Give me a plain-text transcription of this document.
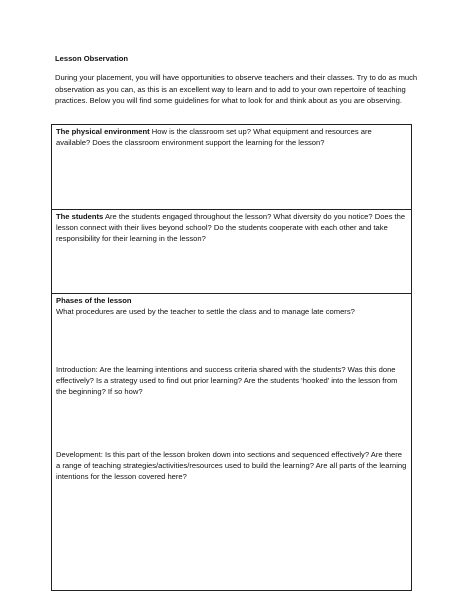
Lesson Observation

During your placement, you will have opportunities to observe teachers and their classes. Try to do as much observation as you can, as this is an excellent way to learn and to add to your own repertoire of teaching practices. Below you will find some guidelines for what to look for and think about as you are observing.

The physical environment How is the classroom set up? What equipment and resources are available? Does the classroom environment support the learning for the lesson?

The students Are the students engaged throughout the lesson? What diversity do you notice? Does the lesson connect with their lives beyond school? Do the students cooperate with each other and take responsibility for their learning in the lesson?

Phases of the lesson

What procedures are used by the teacher to settle the class and to manage late comers?

Introduction: Are the learning intentions and success criteria shared with the students? Was this done effectively? Is a strategy used to find out prior learning? Are the students ‘hooked’ into the lesson from the beginning? If so how?

Development: Is this part of the lesson broken down into sections and sequenced effectively? Are there a range of teaching strategies/activities/resources used to build the learning? Are all parts of the learning intentions for the lesson covered here?
